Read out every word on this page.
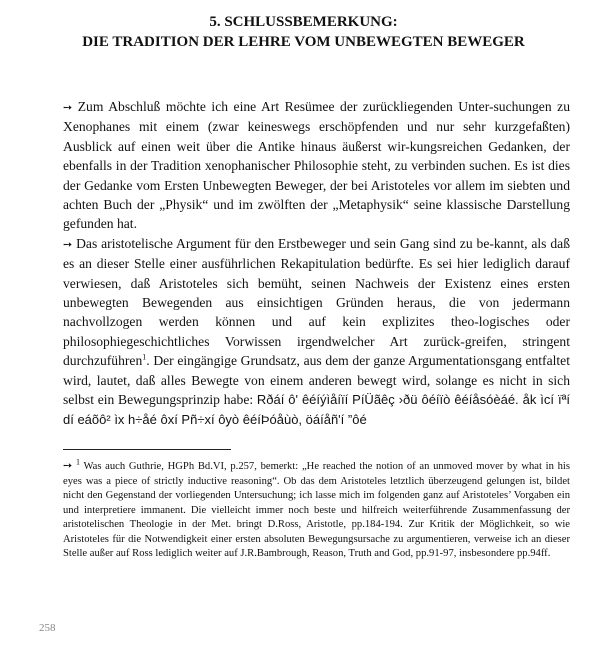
5. SCHLUSSBEMERKUNG:
DIE TRADITION DER LEHRE VOM UNBEWEGTEN BEWEGER

➙ Zum Abschluß möchte ich eine Art Resümee der zurückliegenden Unter-suchungen zu Xenophanes mit einem (zwar keineswegs erschöpfenden und nur sehr kurzgefaßten) Ausblick auf einen weit über die Antike hinaus äußerst wir-kungsreichen Gedanken, der ebenfalls in der Tradition xenophanischer Philosophie steht, zu verbinden suchen. Es ist dies der Gedanke vom Ersten Unbewegten Beweger, der bei Aristoteles vor allem im siebten und achten Buch der „Physik“ und im zwölften der „Metaphysik“ seine klassische Darstellung gefunden hat.

➙ Das aristotelische Argument für den Erstbeweger und sein Gang sind zu be-kannt, als daß es an dieser Stelle einer ausführlichen Rekapitulation bedürfte. Es sei hier lediglich darauf verwiesen, daß Aristoteles sich bemüht, seinen Nachweis der Existenz eines ersten unbewegten Bewegenden aus einsichtigen Gründen heraus, die von jedermann nachvollzogen werden können und auf kein explizites theo-logisches oder philosophiegeschichtliches Vorwissen irgendwelcher Art zurück-greifen, stringent durchzuführen$^1$. Der eingängige Grundsatz, aus dem der ganze Argumentationsgang entfaltet wird, lautet, daß alles Bewegte von einem anderen bewegt wird, solange es nicht in sich selbst ein Bewegungsprinzip habe: Rðáí ô' êéíýìåíïí PíÜãêç ›ðü ôéíïò êéíåsóèáé. åk ìcí ïªí dí eáõô² ìx h÷åé ôxí Pñ÷xí ôyò êéíÞóåùò, öáíåñ'í ”ôé

➙ $^1$ Was auch Guthrie, HGPh Bd.VI, p.257, bemerkt: „He reached the notion of an unmoved mover by what in his eyes was a piece of strictly inductive reasoning“. Ob das dem Aristoteles letztlich überzeugend gelungen ist, bildet nicht den Gegenstand der vorliegenden Untersuchung; ich lasse mich im folgenden ganz auf Aristoteles’ Vorgaben ein und interpretiere immanent. Die vielleicht immer noch beste und hilfreich weiterführende Zusammenfassung der aristotelischen Theologie in der Met. bringt D.Ross, Aristotle, pp.184-194. Zur Kritik der Möglichkeit, so wie Aristoteles für die Notwendigkeit einer ersten absoluten Bewegungsursache zu argumentieren, verweise ich an dieser Stelle außer auf Ross lediglich weiter auf J.R.Bambrough, Reason, Truth and God, pp.91-97, insbesondere pp.94ff.

258
